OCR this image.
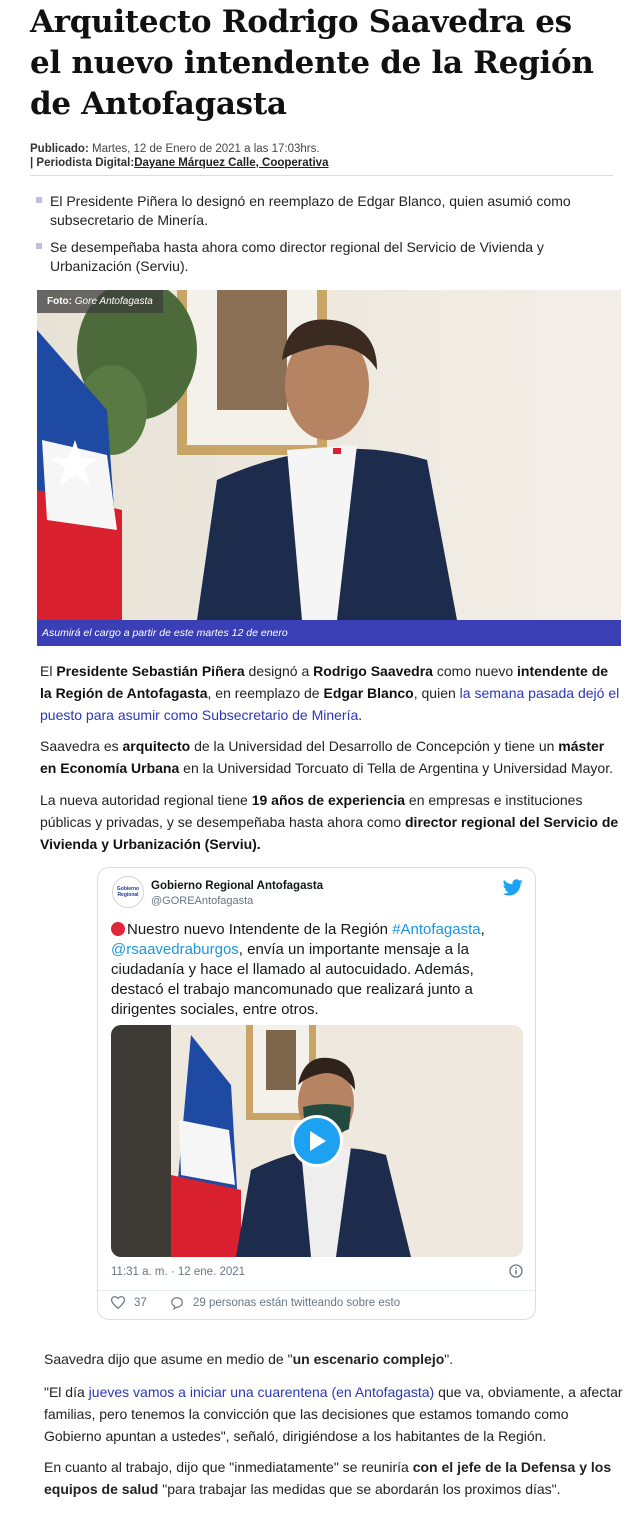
Arquitecto Rodrigo Saavedra es el nuevo intendente de la Región de Antofagasta
Publicado: Martes, 12 de Enero de 2021 a las 17:03hrs.
| Periodista Digital:Dayane Márquez Calle, Cooperativa
El Presidente Piñera lo designó en reemplazo de Edgar Blanco, quien asumió como subsecretario de Minería.
Se desempeñaba hasta ahora como director regional del Servicio de Vivienda y Urbanización (Serviu).
Foto: Gore Antofagasta
Asumirá el cargo a partir de este martes 12 de enero

El Presidente Sebastián Piñera designó a Rodrigo Saavedra como nuevo intendente de la Región de Antofagasta, en reemplazo de Edgar Blanco, quien la semana pasada dejó el puesto para asumir como Subsecretario de Minería.

Saavedra es arquitecto de la Universidad del Desarrollo de Concepción y tiene un máster en Economía Urbana en la Universidad Torcuato di Tella de Argentina y Universidad Mayor.

La nueva autoridad regional tiene 19 años de experiencia en empresas e instituciones públicas y privadas, y se desempeñaba hasta ahora como director regional del Servicio de Vivienda y Urbanización (Serviu).

Gobierno Regional
Gobierno Regional Antofagasta
@GOREAntofagasta

Nuestro nuevo Intendente de la Región #Antofagasta, @rsaavedraburgos, envía un importante mensaje a la ciudadanía y hace el llamado al autocuidado. Además, destacó el trabajo mancomunado que realizará junto a dirigentes sociales, entre otros.

11:31 a. m. · 12 ene. 2021
37	29 personas están twitteando sobre esto

Saavedra dijo que asume en medio de "un escenario complejo".

"El día jueves vamos a iniciar una cuarentena (en Antofagasta) que va, obviamente, a afectar familias, pero tenemos la convicción que las decisiones que estamos tomando como Gobierno apuntan a ustedes", señaló, dirigiéndose a los habitantes de la Región.

En cuanto al trabajo, dijo que "inmediatamente" se reuniría con el jefe de la Defensa y los equipos de salud "para trabajar las medidas que se abordarán los proximos días".
